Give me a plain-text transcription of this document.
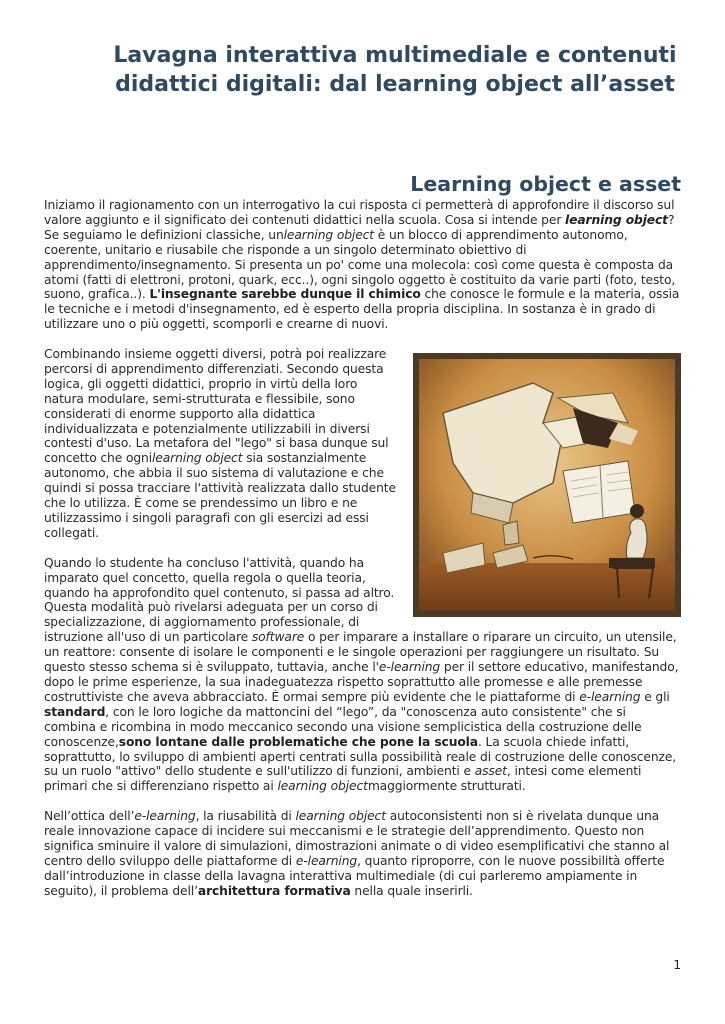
Lavagna interattiva multimediale e contenuti didattici digitali: dal learning object all’asset
Learning object e asset

Iniziamo il ragionamento con un interrogativo la cui risposta ci permetterà di approfondire il discorso sul valore aggiunto e il significato dei contenuti didattici nella scuola. Cosa si intende per learning object? Se seguiamo le definizioni classiche, unlearning object è un blocco di apprendimento autonomo, coerente, unitario e riusabile che risponde a un singolo determinato obiettivo di apprendimento/insegnamento. Si presenta un po' come una molecola: così come questa è composta da atomi (fatti di elettroni, protoni, quark, ecc..), ogni singolo oggetto è costituito da varie parti (foto, testo, suono, grafica..). L'insegnante sarebbe dunque il chimico che conosce le formule e la materia, ossia le tecniche e i metodi d'insegnamento, ed è esperto della propria disciplina. In sostanza è in grado di utilizzare uno o più oggetti, scomporli e crearne di nuovi.

Combinando insieme oggetti diversi, potrà poi realizzare percorsi di apprendimento differenziati. Secondo questa logica, gli oggetti didattici, proprio in virtù della loro natura modulare, semi-strutturata e flessibile, sono considerati di enorme supporto alla didattica individualizzata e potenzialmente utilizzabili in diversi contesti d'uso. La metafora del "lego" si basa dunque sul concetto che ognilearning object sia sostanzialmente autonomo, che abbia il suo sistema di valutazione e che quindi si possa tracciare l'attività realizzata dallo studente che lo utilizza. È come se prendessimo un libro e ne utilizzassimo i singoli paragrafi con gli esercizi ad essi collegati.

Quando lo studente ha concluso l'attività, quando ha imparato quel concetto, quella regola o quella teoria, quando ha approfondito quel contenuto, si passa ad altro. Questa modalità può rivelarsi adeguata per un corso di specializzazione, di aggiornamento professionale, di istruzione all'uso di un particolare software o per imparare a installare o riparare un circuito, un utensile, un reattore: consente di isolare le componenti e le singole operazioni per raggiungere un risultato. Su questo stesso schema si è sviluppato, tuttavia, anche l'e-learning per il settore educativo, manifestando, dopo le prime esperienze, la sua inadeguatezza rispetto soprattutto alle promesse e alle premesse costruttiviste che aveva abbracciato. È ormai sempre più evidente che le piattaforme di e-learning e gli standard, con le loro logiche da mattoncini del “lego”, da "conoscenza auto consistente" che si combina e ricombina in modo meccanico secondo una visione semplicistica della costruzione delle conoscenze,sono lontane dalle problematiche che pone la scuola. La scuola chiede infatti, soprattutto, lo sviluppo di ambienti aperti centrati sulla possibilità reale di costruzione delle conoscenze, su un ruolo "attivo" dello studente e sull'utilizzo di funzioni, ambienti e asset, intesi come elementi primari che si differenziano rispetto ai learning objectmaggiormente strutturati.

Nell’ottica dell’e-learning, la riusabilità di learning object autoconsistenti non si è rivelata dunque una reale innovazione capace di incidere sui meccanismi e le strategie dell’apprendimento. Questo non significa sminuire il valore di simulazioni, dimostrazioni animate o di video esemplificativi che stanno al centro dello sviluppo delle piattaforme di e-learning, quanto riproporre, con le nuove possibilità offerte dall’introduzione in classe della lavagna interattiva multimediale (di cui parleremo ampiamente in seguito), il problema dell’architettura formativa nella quale inserirli.

1
